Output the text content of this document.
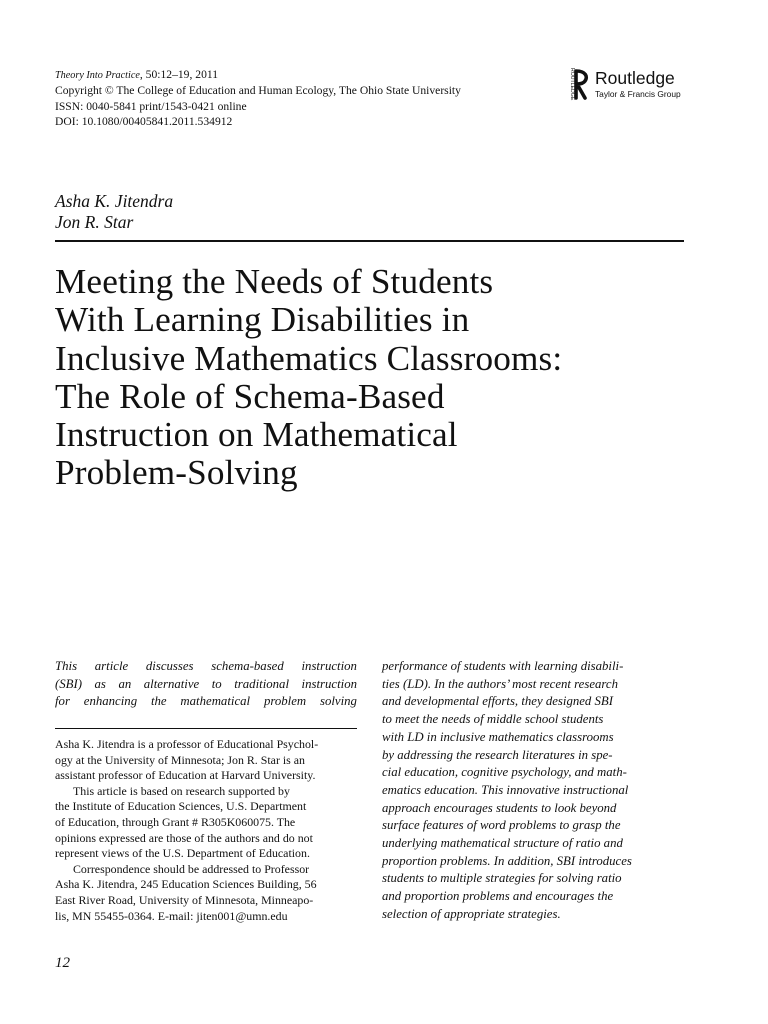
Theory Into Practice, 50:12–19, 2011
Copyright © The College of Education and Human Ecology, The Ohio State University
ISSN: 0040-5841 print/1543-0421 online
DOI: 10.1080/00405841.2011.534912
ROUTLEDGE Routledge
Taylor & Francis Group
Asha K. Jitendra
Jon R. Star
Meeting the Needs of Students
With Learning Disabilities in
Inclusive Mathematics Classrooms:
The Role of Schema-Based
Instruction on Mathematical
Problem-Solving
This article discusses schema-based instruction
(SBI) as an alternative to traditional instruction
for enhancing the mathematical problem solving
Asha K. Jitendra is a professor of Educational Psychol-
ogy at the University of Minnesota; Jon R. Star is an
assistant professor of Education at Harvard University.
This article is based on research supported by
the Institute of Education Sciences, U.S. Department
of Education, through Grant # R305K060075. The
opinions expressed are those of the authors and do not
represent views of the U.S. Department of Education.
Correspondence should be addressed to Professor
Asha K. Jitendra, 245 Education Sciences Building, 56
East River Road, University of Minnesota, Minneapo-
lis, MN 55455-0364. E-mail: jiten001@umn.edu
performance of students with learning disabili-
ties (LD). In the authors’ most recent research
and developmental efforts, they designed SBI
to meet the needs of middle school students
with LD in inclusive mathematics classrooms
by addressing the research literatures in spe-
cial education, cognitive psychology, and math-
ematics education. This innovative instructional
approach encourages students to look beyond
surface features of word problems to grasp the
underlying mathematical structure of ratio and
proportion problems. In addition, SBI introduces
students to multiple strategies for solving ratio
and proportion problems and encourages the
selection of appropriate strategies.
12
